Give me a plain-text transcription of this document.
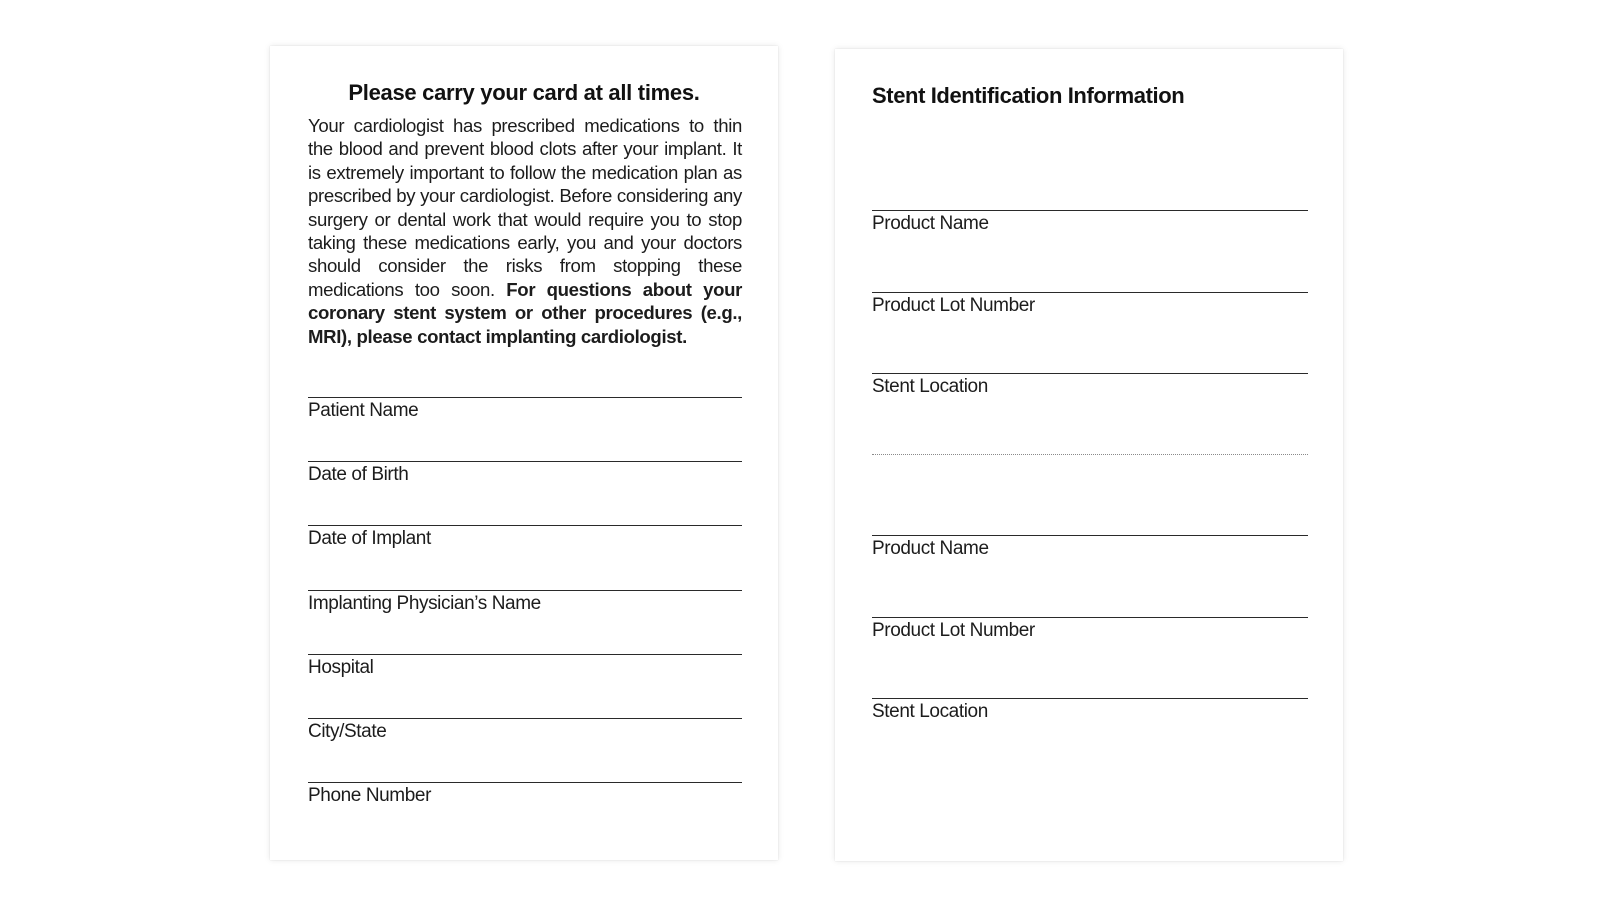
Please carry your card at all times.
Your cardiologist has prescribed medications to thin the blood and prevent blood clots after your implant. It is extremely important to follow the medication plan as prescribed by your cardiologist. Before considering any surgery or dental work that would require you to stop taking these medications early, you and your doctors should consider the risks from stopping these medications too soon. For questions about your coronary stent system or other procedures (e.g., MRI), please contact implanting cardiologist.
Patient Name
Date of Birth
Date of Implant
Implanting Physician’s Name
Hospital
City/State
Phone Number
Stent Identification Information
Product Name
Product Lot Number
Stent Location
Product Name
Product Lot Number
Stent Location
